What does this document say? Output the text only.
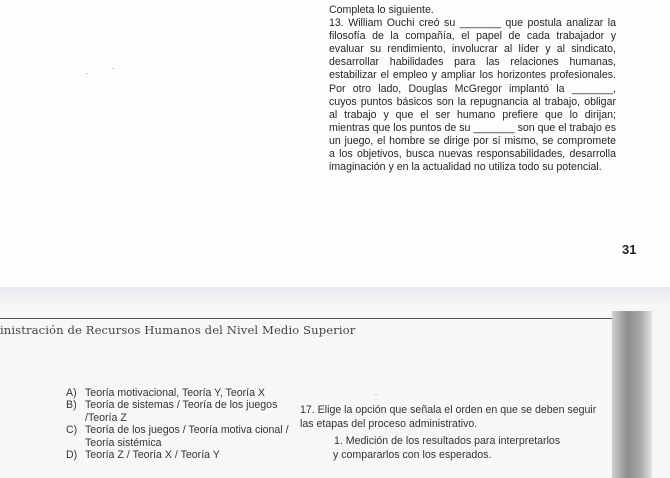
Completa lo siguiente.

13. William Ouchi creó su _______ que postula analizar la filosofía de la compañía, el papel de cada trabajador y evaluar su rendimiento, involucrar al líder y al sindicato, desarrollar habilidades para las relaciones humanas, estabilizar el empleo y ampliar los horizontes profesionales. Por otro lado, Douglas McGregor implantó la _______, cuyos puntos básicos son la repugnancia al trabajo, obligar al trabajo y que el ser humano prefiere que lo dirijan; mientras que los puntos de su _______ son que el trabajo es un juego, el hombre se dirige por sí mismo, se compromete a los objetivos, busca nuevas responsabilidades, desarrolla imaginación y en la actualidad no utiliza todo su potencial.

31
inistración de Recursos Humanos del Nivel Medio Superior
A) Teoría motivacional, Teoría Y, Teoría X
B) Teoría de sistemas / Teoría de los juegos /Teoría Z
C) Teoría de los juegos / Teoría motiva cional / Teoría sistémica
D) Teoría Z / Teoría X / Teoría Y

17. Elige la opción que señala el orden en que se deben seguir las etapas del proceso administrativo.

1. Medición de los resultados para interpretarlos
y compararlos con los esperados.
